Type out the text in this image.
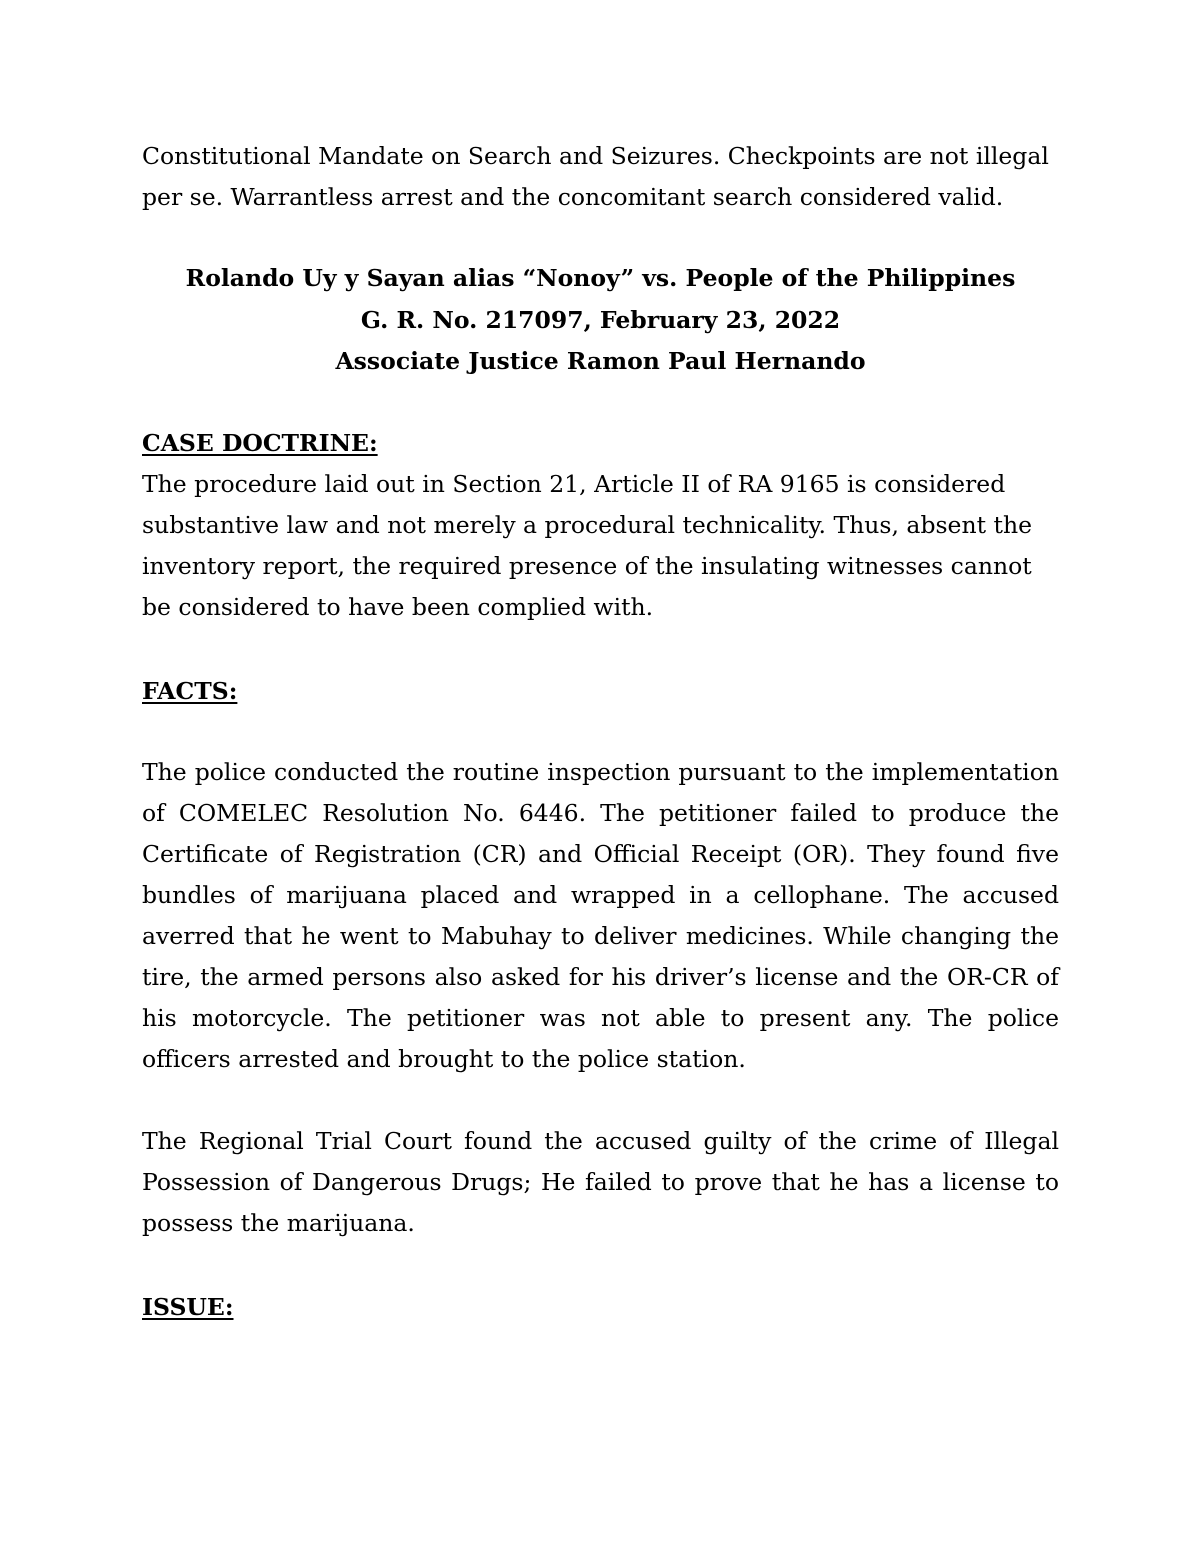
Constitutional Mandate on Search and Seizures. Checkpoints are not illegal per se. Warrantless arrest and the concomitant search considered valid.

Rolando Uy y Sayan alias “Nonoy” vs. People of the Philippines
G. R. No. 217097, February 23, 2022
Associate Justice Ramon Paul Hernando
CASE DOCTRINE:

The procedure laid out in Section 21, Article II of RA 9165 is considered substantive law and not merely a procedural technicality. Thus, absent the inventory report, the required presence of the insulating witnesses cannot be considered to have been complied with.

FACTS:

The police conducted the routine inspection pursuant to the implementation of COMELEC Resolution No. 6446. The petitioner failed to produce the Certificate of Registration (CR) and Official Receipt (OR). They found five bundles of marijuana placed and wrapped in a cellophane. The accused averred that he went to Mabuhay to deliver medicines. While changing the tire, the armed persons also asked for his driver’s license and the OR-CR of his motorcycle. The petitioner was not able to present any. The police officers arrested and brought to the police station.

The Regional Trial Court found the accused guilty of the crime of Illegal Possession of Dangerous Drugs; He failed to prove that he has a license to possess the marijuana.

ISSUE:
